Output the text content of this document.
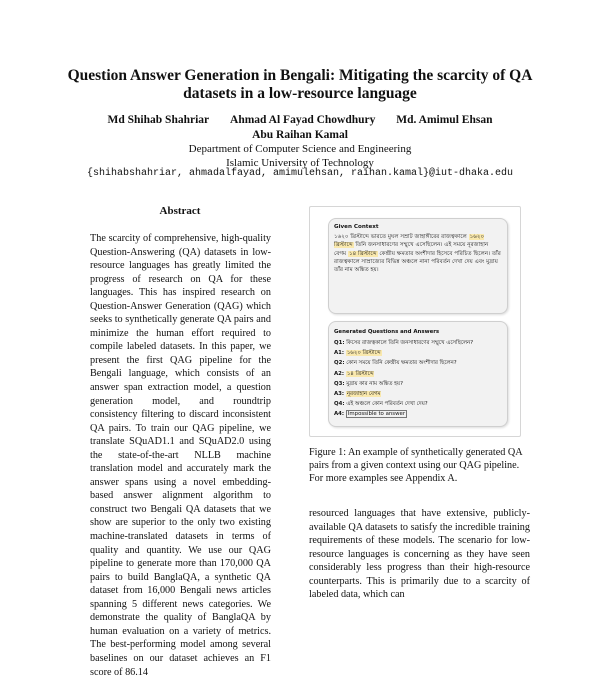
Question Answer Generation in Bengali: Mitigating the scarcity of QA datasets in a low-resource language
Md Shihab Shahriar Ahmad Al Fayad Chowdhury Md. Amimul Ehsan
Abu Raihan Kamal
Department of Computer Science and Engineering
Islamic University of Technology
{shihabshahriar, ahmadalfayad, amimulehsan, raihan.kamal}@iut-dhaka.edu
Abstract
The scarcity of comprehensive, high-quality Question-Answering (QA) datasets in low-resource languages has greatly limited the progress of research on QA for these languages. This has inspired research on Question-Answer Generation (QAG) which seeks to synthetically generate QA pairs and minimize the human effort required to compile labeled datasets. In this paper, we present the first QAG pipeline for the Bengali language, which consists of an answer span extraction model, a question generation model, and roundtrip consistency filtering to discard inconsistent QA pairs. To train our QAG pipeline, we translate SQuAD1.1 and SQuAD2.0 using the state-of-the-art NLLB machine translation model and accurately mark the answer spans using a novel embedding-based answer alignment algorithm to construct two Bengali QA datasets that we show are superior to the only two existing machine-translated datasets in terms of quality and quantity. We use our QAG pipeline to generate more than 170,000 QA pairs to build BanglaQA, a synthetic QA dataset from 16,000 Bengali news articles spanning 5 different news categories. We demonstrate the quality of BanglaQA by human evaluation on a variety of metrics. The best-performing model among several baselines on our dataset achieves an F1 score of 86.14
Given Context
১৬২০ খ্রিস্টাব্দে ভারতে মুঘল সম্রাট জাহাঙ্গীরের রাজত্বকালে ১৬২০ খ্রিস্টাব্দে তিনি জনসাধারণের সম্মুখে এসেছিলেন। এই সময়ে নূরজাহান বেগম ১৪ খ্রিস্টাব্দে কেন্দ্রীয় ক্ষমতার অংশীদার হিসেবে পরিচিত ছিলেন। তাঁর রাজত্বকালে সাম্রাজ্যের বিভিন্ন অঞ্চলে নানা পরিবর্তন দেখা দেয় এবং মুদ্রায় তাঁর নাম অঙ্কিত হয়।
Generated Questions and Answers
Q1: কিসের রাজত্বকালে তিনি জনসাধারণের সম্মুখে এসেছিলেন?
A1: ১৬২০ খ্রিস্টাব্দে
Q2: কোন সময়ে তিনি কেন্দ্রীয় ক্ষমতার অংশীদার ছিলেন?
A2: ১৪ খ্রিস্টাব্দে
Q3: মুদ্রায় কার নাম অঙ্কিত হয়?
A3: নূরজাহান বেগম
Q4: এই অঞ্চলে কোন পরিবর্তন দেখা দেয়?
A4: Impossible to answer
Figure 1: An example of synthetically generated QA pairs from a given context using our QAG pipeline. For more examples see Appendix A.
resourced languages that have extensive, publicly-available QA datasets to satisfy the incredible training requirements of these models. The scenario for low-resource languages is concerning as they have seen considerably less progress than their high-resource counterparts. This is primarily due to a scarcity of labeled data, which can
